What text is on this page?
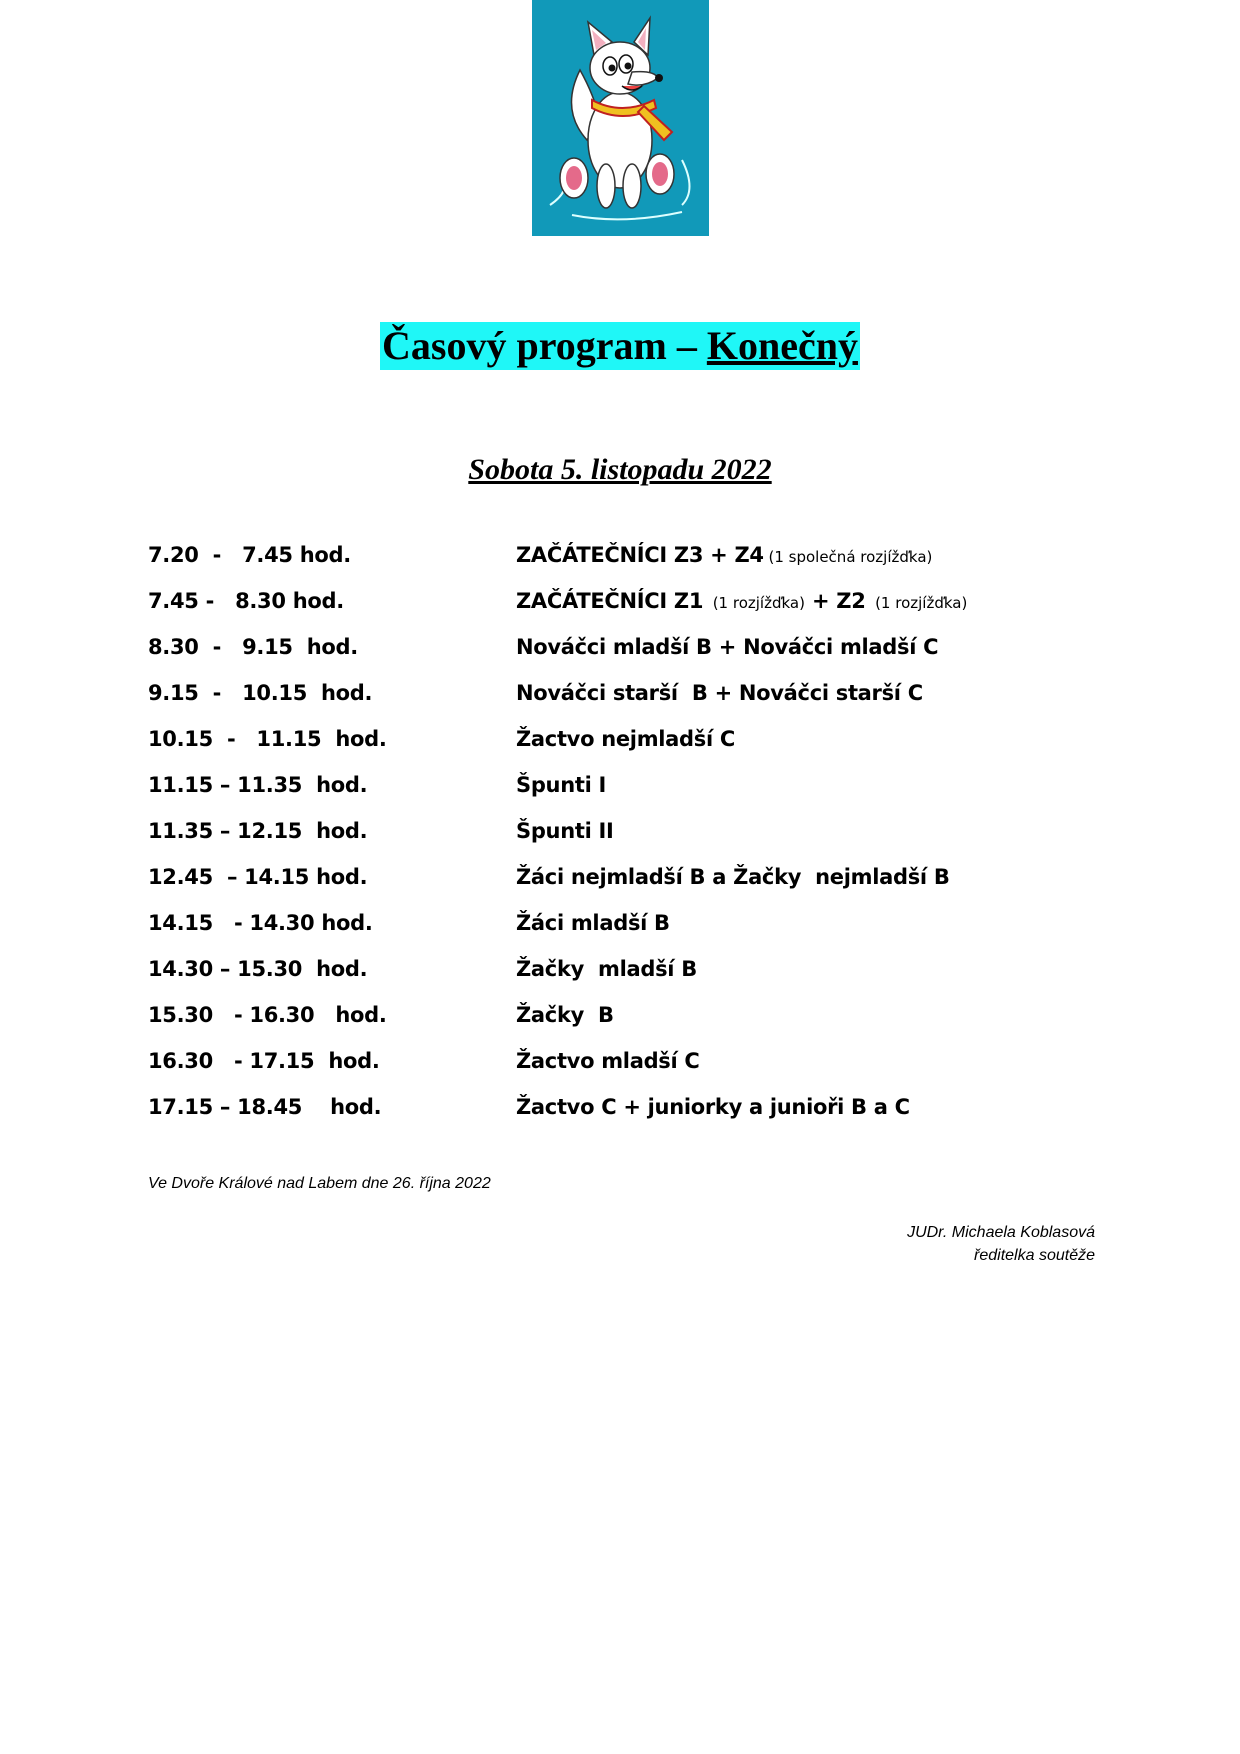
Časový program – Konečný
Sobota 5. listopadu 2022
7.20  -   7.45 hod.	ZAČÁTEČNÍCI Z3 + Z4 (1 společná rozjížďka)
7.45 -   8.30 hod.	ZAČÁTEČNÍCI Z1  (1 rozjížďka) + Z2  (1 rozjížďka)
8.30  -   9.15  hod.	Nováčci mladší B + Nováčci mladší C
9.15  -   10.15  hod.	Nováčci starší  B + Nováčci starší C
10.15  -   11.15  hod.	Žactvo nejmladší C
11.15 – 11.35  hod.	Špunti I
11.35 – 12.15  hod.	Špunti II
12.45  – 14.15 hod.	Žáci nejmladší B a Žačky  nejmladší B
14.15   - 14.30 hod.	Žáci mladší B
14.30 – 15.30  hod.	Žačky  mladší B
15.30   - 16.30   hod.	Žačky  B
16.30   - 17.15  hod.	Žactvo mladší C
17.15 – 18.45    hod.	Žactvo C + juniorky a junioři B a C
Ve Dvoře Králové nad Labem dne 26. října 2022
JUDr. Michaela Koblasová
ředitelka soutěže
